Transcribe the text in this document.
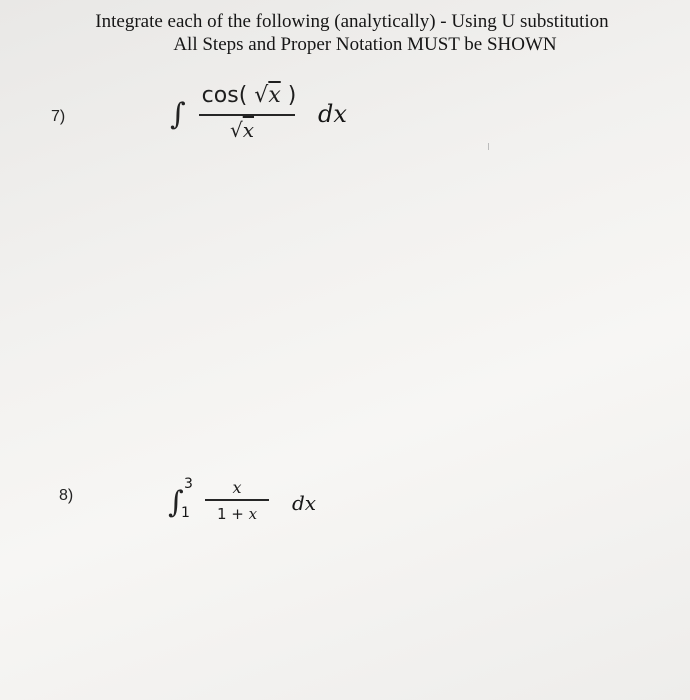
Integrate each of the following (analytically) - Using U substitution
All Steps and Proper Notation MUST be SHOWN
7)	∫
cos( √x )
√x
dx
8)	∫
3
1
x
1 + x	dx
